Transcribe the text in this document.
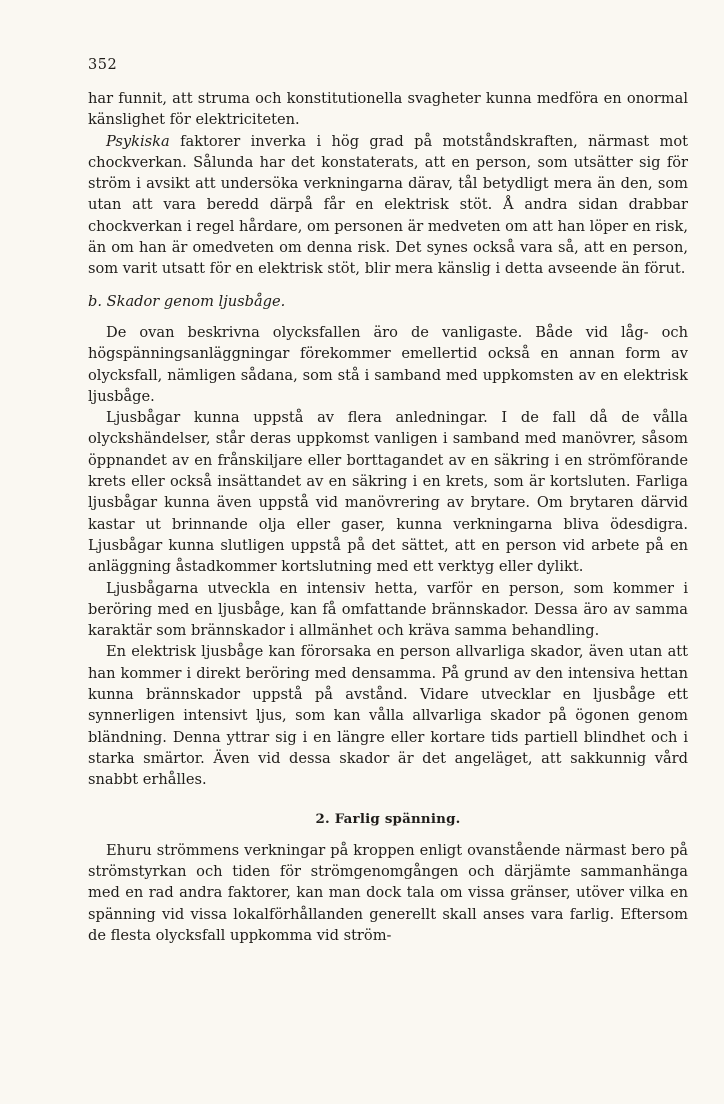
352

har funnit, att struma och konstitutionella svagheter kunna medföra en onormal känslighet för elektriciteten.

Psykiska faktorer inverka i hög grad på motståndskraften, närmast mot chockverkan. Sålunda har det konstaterats, att en person, som utsätter sig för ström i avsikt att undersöka verkningarna därav, tål betydligt mera än den, som utan att vara beredd därpå får en elektrisk stöt. Å andra sidan drabbar chockverkan i regel hårdare, om personen är medveten om att han löper en risk, än om han är omedveten om denna risk. Det synes också vara så, att en person, som varit utsatt för en elektrisk stöt, blir mera känslig i detta avseende än förut.

b. Skador genom ljusbåge.

De ovan beskrivna olycksfallen äro de vanligaste. Både vid låg- och högspänningsanläggningar förekommer emellertid också en annan form av olycksfall, nämligen sådana, som stå i samband med uppkomsten av en elektrisk ljusbåge.

Ljusbågar kunna uppstå av flera anledningar. I de fall då de vålla olyckshändelser, står deras uppkomst vanligen i samband med manövrer, såsom öppnandet av en frånskiljare eller borttagandet av en säkring i en strömförande krets eller också insättandet av en säkring i en krets, som är kortsluten. Farliga ljusbågar kunna även uppstå vid manövrering av brytare. Om brytaren därvid kastar ut brinnande olja eller gaser, kunna verkningarna bliva ödesdigra. Ljusbågar kunna slutligen uppstå på det sättet, att en person vid arbete på en anläggning åstadkommer kortslutning med ett verktyg eller dylikt.

Ljusbågarna utveckla en intensiv hetta, varför en person, som kommer i beröring med en ljusbåge, kan få omfattande brännskador. Dessa äro av samma karaktär som brännskador i allmänhet och kräva samma behandling.

En elektrisk ljusbåge kan förorsaka en person allvarliga skador, även utan att han kommer i direkt beröring med densamma. På grund av den intensiva hettan kunna brännskador uppstå på avstånd. Vidare utvecklar en ljusbåge ett synnerligen intensivt ljus, som kan vålla allvarliga skador på ögonen genom bländning. Denna yttrar sig i en längre eller kortare tids partiell blindhet och i starka smärtor. Även vid dessa skador är det angeläget, att sakkunnig vård snabbt erhålles.

2. Farlig spänning.

Ehuru strömmens verkningar på kroppen enligt ovanstående närmast bero på strömstyrkan och tiden för strömgenomgången och därjämte sammanhänga med en rad andra faktorer, kan man dock tala om vissa gränser, utöver vilka en spänning vid vissa lokalförhållanden generellt skall anses vara farlig. Eftersom de flesta olycksfall uppkomma vid ström-
